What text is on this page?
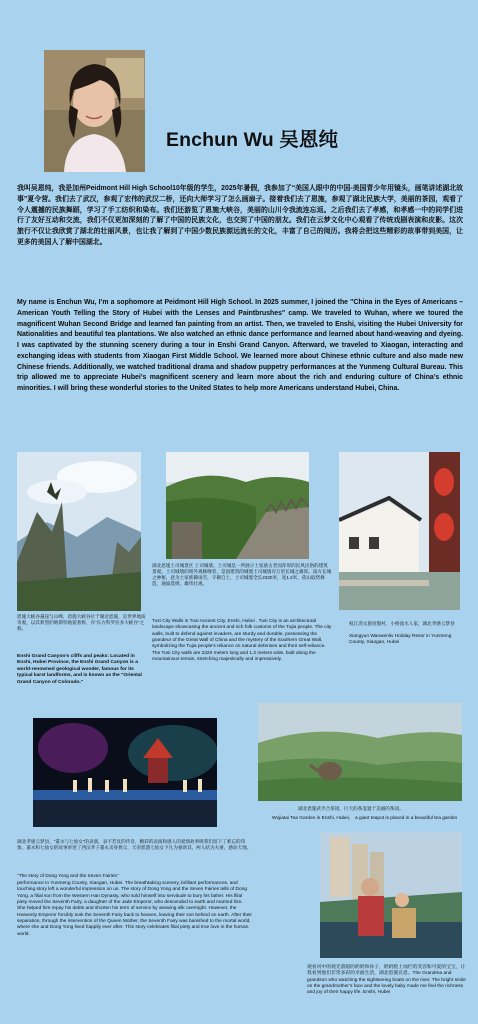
Enchun Wu 吴恩纯
我叫吴恩纯，我是加州Peidmont Hill High School10年级的学生，2025年暑假，我参加了“美国人眼中的中国-美国青少年用镜头，画笔讲述湖北故事”夏令营。我们去了武汉，参观了宏伟的武汉二桥，还向大师学习了怎么画扇子。接着我们去了恩施，参观了湖北民族大学，美丽的茶园，观看了令人震撼的民族舞蹈，学习了手工纺织和染布。我们还游览了恩施大峡谷，美丽的山川令我流连忘返。之后我们去了孝感，和孝感一中的同学们进行了友好互动和交流，我们不仅更加深刻的了解了中国的民族文化，也交到了中国的朋友。我们在云梦文化中心观看了传统戏剧表演和皮影。这次旅行不仅让我欣赏了湖北的壮丽风景，也让我了解到了中国少数民族源远流长的文化，丰富了自己的阅历。我将会把这些精彩的故事带到美国，让更多的美国人了解中国湖北。
My name is Enchun Wu, I’m a sophomore at Peidmont Hill High School. In 2025 summer, I joined the "China in the Eyes of Americans – American Youth Telling the Story of Hubei with the Lenses and Paintbrushes" camp. We traveled to Wuhan, where we toured the magnificent Wuhan Second Bridge and learned fan painting from an artist. Then, we traveled to Enshi, visiting the Hubei University for Nationalities and beautiful tea plantations. We also watched an ethnic dance performance and learned about hand-weaving and dyeing. I was captivated by the stunning scenery during a tour in Enshi Grand Canyon. Afterward, we traveled to Xiaogan, interacting and exchanging ideas with students from Xiaogan First Middle School. We learned more about Chinese ethnic culture and also made new Chinese friends. Additionally, we watched traditional drama and shadow puppetry performances at the Yunmeng Cultural Bureau. This trip allowed me to appreciate Hubei’s magnificent scenery and learn more about the rich and enduring culture of China’s ethnic minorities. I will bring these wonderful stories to the United States to help more Americans understand Hubei, China.
恩施大峡谷悬崖与山峰，恩施大峡谷位于湖北恩施，是世界地质奇观，以其典型的喀斯特地貌著称，有“东方科罗拉多大峡谷”之称。
Enshi Grand Canyon’s cliffs and peaks: Located in Enshi, Hubei Province, the Enshi Grand Canyon is a world-renowned geological wonder, famous for its typical karst landforms, and is known as the "Oriental Grand Canyon of Colorado."
湖北恩施土司城景区 土司城墙。土司城是一所展示土家族古老而浑厚的民风民俗的建筑景观。土司城墙的现外观修缮者，是固建筑的城墙土司城墙有万里长城之雄浑。南方长城之神秘，意为土家族御雨雪，守御自土，土司城墙全长2320米，宽1.2米，依山取势修造，通波延绵，雄伟壮观。
Tusi City Walls in Tusi Ancient City, Enshi, Hubei . Tusi City is an architectural landscape showcasing the ancient and rich folk customs of the Tujia people. The city walls, built to defend against invaders, are sturdy and durable, possessing the grandeur of the Great Wall of China and the mystery of the Southern Great Wall, symbolizing the Tujia people’s reliance on natural defenses and their self-reliance. The Tusi City walls are 2320 meters long and 1.2 meters wide, built along the mountainous terrain, stretching majestically and impressively.
枝江湾文旅度假村，小桥流水人家，湖北孝感云梦县
Xiangyun Wanwenliv Holiday Resor in Yunmeng County, Xiaogan, Hubei
湖北恩施武亭合茶园，巨大的茶壶置于美丽的茶园。
Wujiatai Tea Garden in Enshi, Hubei， a giant teapot is placed in a beautiful tea garden
湖北孝感云梦县，“董永与七仙女”的表演，表不若仗的传奇，精彩的表演和感人的爱情故事吸我们留下了难忘的印象。董永和七仙女的故事讲述了西汉孝子董永卖身葬父，天帝派遣七仙女下凡为妻助其，两人结为夫妻，感动天地。
"The story of Dong Yong and the Seven Fairies"
performance in Yunmeng County, Xiaogan, Hubei. The breathtaking scenery, brilliant performances, and touching story left a wonderful impression on us. The story of Dong Yong and the Seven Fairies tells of Dong Yong, a filial son from the Western Han Dynasty, who sold himself into servitude to bury his father. His filial piety moved the Seventh Fairy, a daughter of the Jade Emperor, who descended to earth and married him. She helped him repay his debts and shorten his term of service by weaving silk overnight. However, the Heavenly Emperor forcibly took the Seventh Fairy back to heaven, leaving their son behind on earth. After their separation, through the intervention of the Queen Mother, the Seventh Fairy was banished to the mortal world, where she and Dong Yong lived happily ever after. This story celebrates filial piety and true love in the human world.
观看河中的观光游船的奶奶和孙子，奶奶脸上灿烂的笑容和可爱的宝宝，让我看到他们非常多彩的幸福生活，湖北恩施宣恩。The Grandma and grandson who watching the sightseeing boats on the river. The bright smile on the grandmother’s face and the lovely baby made me feel the richness and joy of their happy life. Enshi, Hubei
